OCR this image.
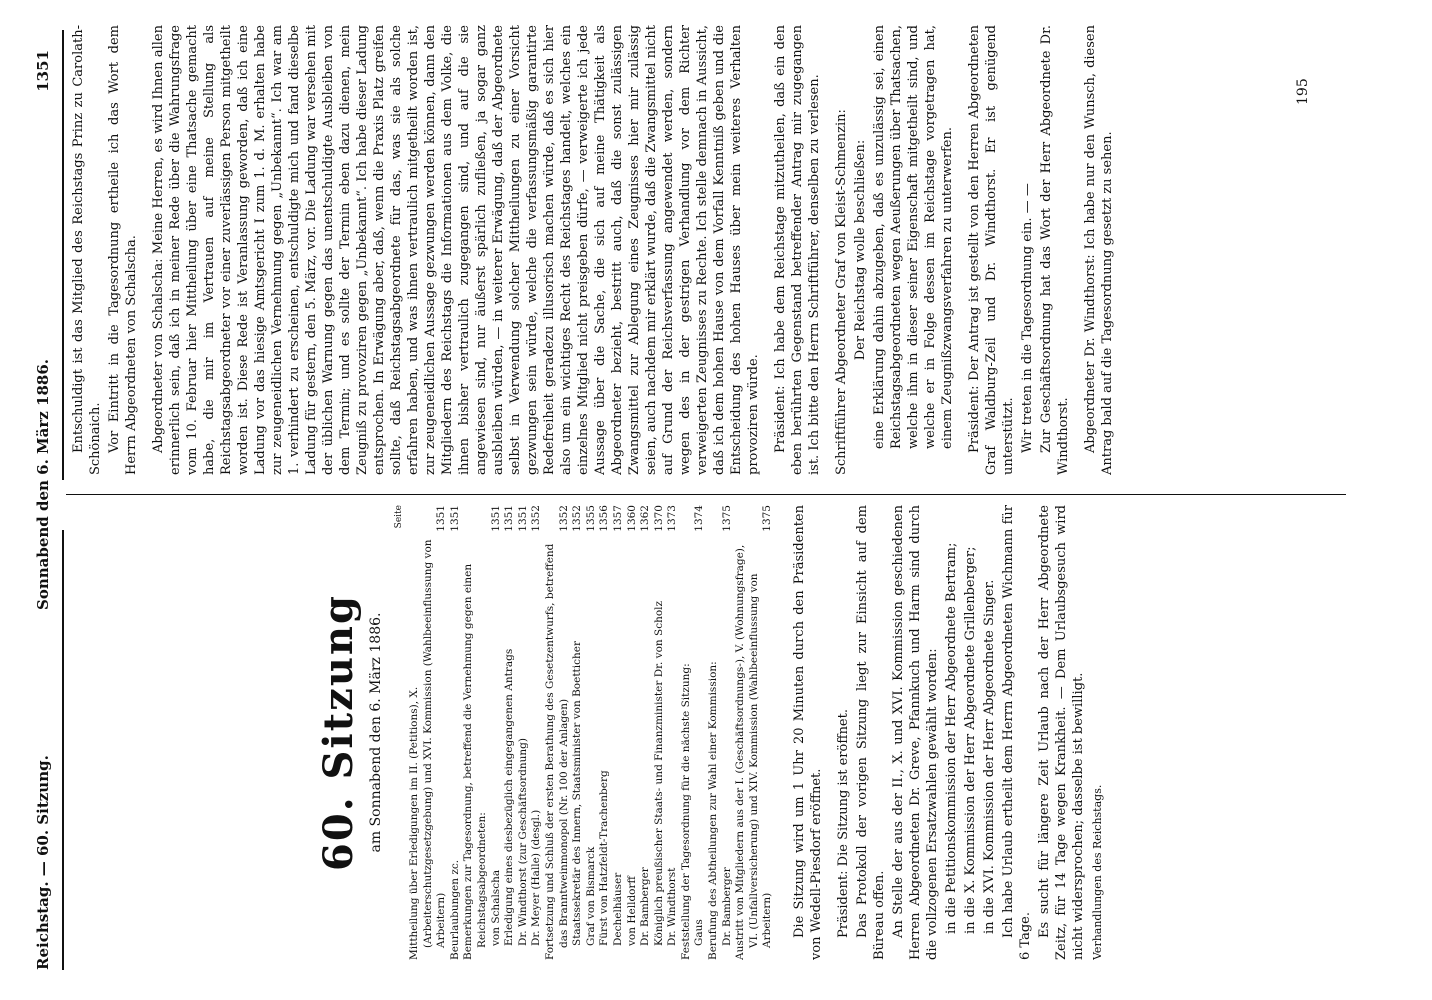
Reichstag. — 60. Sitzung.
Sonnabend den 6. März 1886.
1351
60. Sitzung am Sonnabend den 6. März 1886.
Seite
Mittheilung über Erledigungen im II. (Petitions), X. (Arbeiterschutzgesetzgebung) und XVI. Kommission (Wahlbeeinflussung von Arbeitern)
1351
Beurlaubungen zc.
1351
Bemerkungen zur Tagesordnung, betreffend die Vernehmung gegen einen Reichstagsabgeordneten: von Schalscha
1351
Erledigung eines diesbezüglich eingegangenen Antrags
1351
Dr. Windthorst (zur Geschäftsordnung)
1351
Dr. Meyer (Halle) (desgl.)
1352
Fortsetzung und Schluß der ersten Berathung des Gesetzentwurfs, betreffend das Branntweinmonopol (Nr. 100 der Anlagen)
1352
Staatssekretär des Innern, Staatsminister von Boetticher
1352
Graf von Bismarck
1355
Fürst von Hatzfeldt-Trachenberg
1356
Dechelhäuser
1357
von Helldorff
1360
Dr. Bamberger
1362
Königlich preußischer Staats- und Finanzminister Dr. von Scholz
1370
Dr. Windthorst
1373
Feststellung der Tagesordnung für die nächste Sitzung: Gaus
1374
Berufung des Abtheilungen zur Wahl einer Kommission: Dr. Bamberger
1375
Austritt von Mitgliedern aus der I. (Geschäftsordnungs-), V. (Wohnungsfrage), VI. (Unfallversicherung) und XIV. Kommission (Wahlbeeinflussung von Arbeitern)
1375 Die Sitzung wird um 1 Uhr 20 Minuten durch den Präsidenten von Wedell-Piesdorf eröffnet. Präsident: Die Sitzung ist eröffnet. Das Protokoll der vorigen Sitzung liegt zur Einsicht auf dem Büreau offen. An Stelle der aus der II., X. und XVI. Kommission geschiedenen Herren Abgeordneten Dr. Greve, Pfannkuch und Harm sind durch die vollzogenen Ersatzwahlen gewählt worden: in die Petitionskommission der Herr Abgeordnete Bertram; in die X. Kommission der Herr Abgeordnete Grillenberger; in die XVI. Kommission der Herr Abgeordnete Singer. Ich habe Urlaub ertheilt dem Herrn Abgeordneten Wichmann für 6 Tage. Es sucht für längere Zeit Urlaub nach der Herr Abgeordnete Zeitz, für 14 Tage wegen Krankheit. — Dem Urlaubsgesuch wird nicht widersprochen; dasselbe ist bewilligt. Verhandlungen des Reichstags.

Entschuldigt ist das Mitglied des Reichstags Prinz zu Carolath-Schönaich. Vor Eintritt in die Tagesordnung ertheile ich das Wort dem Herrn Abgeordneten von Schalscha. Abgeordneter von Schalscha: Meine Herren, es wird Ihnen allen erinnerlich sein, daß ich in meiner Rede über die Wahrungsfrage vom 10. Februar hier Mittheilung über eine Thatsache gemacht habe, die mir im Vertrauen auf meine Stellung als Reichstagsabgeordneter vor einer zuverlässigen Person mitgetheilt worden ist. Diese Rede ist Veranlassung geworden, daß ich eine Ladung vor das hiesige Amtsgericht I zum 1. d. M. erhalten habe zur zeugeneidlichen Vernehmung gegen „Unbekannt“. Ich war am 1. verhindert zu erscheinen, entschuldigte mich und fand dieselbe Ladung für gestern, den 5. März, vor. Die Ladung war versehen mit der üblichen Warnung gegen das unentschuldigte Ausbleiben von dem Termin; und es sollte der Termin eben dazu dienen, mein Zeugniß zu provoziren gegen „Unbekannt“. Ich habe dieser Ladung entsprochen. In Erwägung aber, daß, wenn die Praxis Platz greifen sollte, daß Reichstagsabgeordnete für das, was sie als solche erfahren haben, und was ihnen vertraulich mitgetheilt worden ist, zur zeugeneidlichen Aussage gezwungen werden können, dann den Mitgliedern des Reichstags die Informationen aus dem Volke, die ihnen bisher vertraulich zugegangen sind, und auf die sie angewiesen sind, nur äußerst spärlich zufließen, ja sogar ganz ausbleiben würden, — in weiterer Erwägung, daß der Abgeordnete selbst in Verwendung solcher Mittheilungen zu einer Vorsicht gezwungen sein würde, welche die verfassungsmäßig garantirte Redefreiheit geradezu illusorisch machen würde, daß es sich hier also um ein wichtiges Recht des Reichstages handelt, welches ein einzelnes Mitglied nicht preisgeben dürfe, — verweigerte ich jede Aussage über die Sache, die sich auf meine Thätigkeit als Abgeordneter bezieht, bestritt auch, daß die sonst zulässigen Zwangsmittel zur Ablegung eines Zeugnisses hier mir zulässig seien, auch nachdem mir erklärt wurde, daß die Zwangsmittel nicht auf Grund der Reichsverfassung angewendet werden, sondern wegen des in der gestrigen Verhandlung vor dem Richter verweigerten Zeugnisses zu Rechte. Ich stelle demnach in Aussicht, daß ich dem hohen Hause von dem Vorfall Kenntniß geben und die Entscheidung des hohen Hauses über mein weiteres Verhalten provoziren würde. Präsident: Ich habe dem Reichstage mitzutheilen, daß ein den eben berührten Gegenstand betreffender Antrag mir zugegangen ist. Ich bitte den Herrn Schriftführer, denselben zu verlesen. Schriftführer Abgeordneter Graf von Kleist-Schmenzin: Der Reichstag wolle beschließen: eine Erklärung dahin abzugeben, daß es unzulässig sei, einen Reichstagsabgeordneten wegen Aeußerungen über Thatsachen, welche ihm in dieser seiner Eigenschaft mitgetheilt sind, und welche er in Folge dessen im Reichstage vorgetragen hat, einem Zeugnißzwangsverfahren zu unterwerfen. Präsident: Der Antrag ist gestellt von den Herren Abgeordneten Graf Waldburg-Zeil und Dr. Windthorst. Er ist genügend unterstützt. Wir treten in die Tagesordnung ein. — — Zur Geschäftsordnung hat das Wort der Herr Abgeordnete Dr. Windthorst. Abgeordneter Dr. Windthorst: Ich habe nur den Wunsch, diesen Antrag bald auf die Tagesordnung gesetzt zu sehen.

195
